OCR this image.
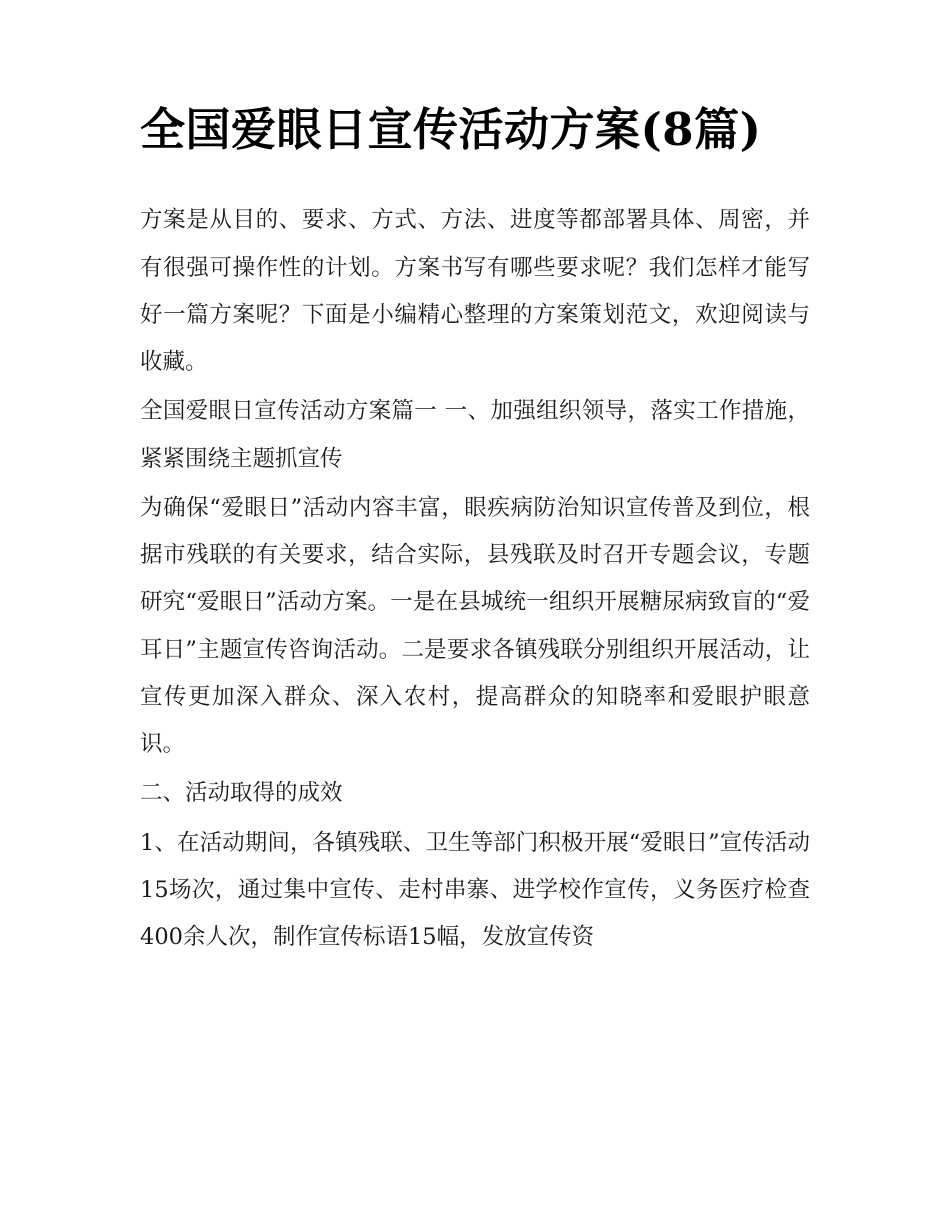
全国爱眼日宣传活动方案(8篇)

方案是从目的、要求、方式、方法、进度等都部署具体、周密，并有很强可操作性的计划。方案书写有哪些要求呢？我们怎样才能写好一篇方案呢？下面是小编精心整理的方案策划范文，欢迎阅读与收藏。

全国爱眼日宣传活动方案篇一 一、加强组织领导，落实工作措施，紧紧围绕主题抓宣传

为确保“爱眼日”活动内容丰富，眼疾病防治知识宣传普及到位，根据市残联的有关要求，结合实际，县残联及时召开专题会议，专题研究“爱眼日”活动方案。一是在县城统一组织开展糖尿病致盲的“爱耳日”主题宣传咨询活动。二是要求各镇残联分别组织开展活动，让宣传更加深入群众、深入农村，提高群众的知晓率和爱眼护眼意识。

二、活动取得的成效

1、在活动期间，各镇残联、卫生等部门积极开展“爱眼日”宣传活动15场次，通过集中宣传、走村串寨、进学校作宣传，义务医疗检查400余人次，制作宣传标语15幅，发放宣传资
